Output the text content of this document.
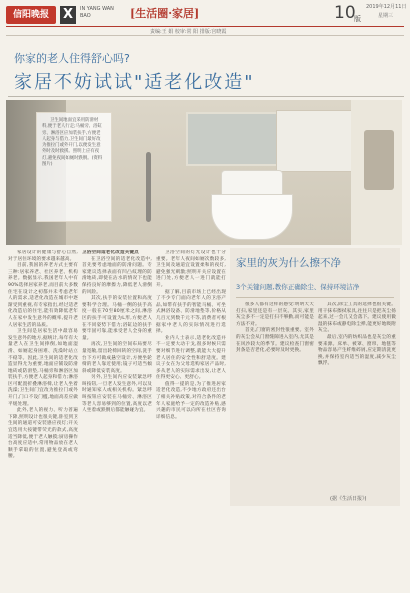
信阳晚报	X	IN YANG WAN BAO	[生活圈·家居]	10
版
2019年12月11日
星期三
责编:王 娟 校审:常 阳 排版:宫晓霞
你家的老人住得舒心吗?
家居不妨试试"适老化改造"
卫生间地面宜采用防滑材料,便于老人行走;马桶旁、浴缸旁、淋浴区应加装扶手,方便老人起身与借力,卫生间门最好改为推拉门或外开门,以便发生意外时及时救援。照明上应有夜灯,避免夜间如厕时跌倒。(资料图片)

家居设计的健康与舒心自然,对于居住环境的要求越来越高。

目前,我国的养老方式主要有三种:居家养老、社区养老、机构养老。数据显示,我国老年人中有90%选择居家养老,而目前大多数住宅在设计之初都并未考虑老年人的需求,适老化改造在城市中逐渐受到重视,有专家指出,经过适老化改造后的住宅,能有效降低老年人在家中发生意外的概率,提升老人居家生活的品质。

卫生间是居家生活中最容易发生意外的地方,据统计,每年有大量老人在卫生间摔倒,如地面湿滑、如厕起身困难、洗澡时站立不稳等。因此,卫生间的适老化改造显得尤为重要,地面应铺设防滑地砖或防滑垫,马桶旁和淋浴区加装扶手,方便老人起身和借力;淋浴区可配置折叠淋浴椅,让老人坐着洗澡;卫生间门宜改为推拉门或外开门,门口不设门槛,地面高差应做平缓处理。

此外,老人的视力、听力普遍下降,照明设计也很关键,卧室到卫生间的通道可安装感应夜灯;开关宜选用大按键带荧光的款式,高度适当降低,便于老人触摸;厨房操作台高度应适中,常用物品放在老人顺手拿取的位置,避免登高或弯腰。

卫浴空间适老化改造关键点

在卫浴空间的适老化改造中,首先要考虑地面的防滑问题。专家建议选择表面有凹凸纹理的防滑地砖,即使在沾水的情况下也能保持良好的摩擦力,降低老人滑倒的风险。

其次,扶手的安装位置和高度要科学合理。马桶一侧的扶手高度一般在70至80厘米之间,淋浴区的扶手可设置为L形,方便老人在不同姿势下借力;浴缸边的扶手要牢固可靠,能承受老人全身的重量。

再次,卫生间的空间布局要尽量宽敞,留出轮椅回转的空间,洗手台下方可做成悬空设计,方便坐轮椅的老人靠近使用;镜子可适当倾斜或降低安装高度。

另外,卫生间内应安装紧急呼叫按钮,一旦老人发生意外,可以及时通知家人或相关机构。紧急呼叫按钮应安装在马桶旁、淋浴区等老人容易够到的位置,高度以老人坐着或跌倒后都能触碰为宜。

卫浴空间的灯光设计也十分重要。老年人夜间如厕次数较多,卫生间及通道宜设置柔和的夜灯,避免强光刺激;照明开关应设置在进门处,方便老人一进门就能打开。

据了解,目前市场上已经出现了不少专门面向老年人的卫浴产品,如带有扶手的智能马桶、可坐式淋浴设备、防滑地垫等,价格从几百元到数千元不等,消费者可根据家中老人的实际情况进行选择。

业内人士表示,适老化改造并不一定要大动干戈,很多时候只需要对细节进行调整,就能大大提升老人居住的安全性和舒适度。建议子女在为父母选购家居产品时,多从老人的实际需求出发,让老人住得更安心、更舒心。

值得一提的是,为了推进居家适老化改造,不少地方政府还出台了相关补贴政策,对符合条件的老年人家庭给予一定的改造补贴,感兴趣的市民可以向所在社区咨询详细信息。

家里的灰为什么擦不净
3个关键问题,教你正确除尘、保持环境洁净

很多人都有这样的感受:明明天天打扫,家里还是有一层灰。其实,家里灰尘多不一定是打扫不够勤,而可能是方法不对。

首先,门窗的密封性很重要。室外的灰尘会从门窗缝隙进入室内,尤其是在风沙较大的季节。建议检查门窗密封条是否老化,必要时及时更换。

其次,除尘工具的选择也很关键。用干抹布擦拭家具,往往只是把灰尘扬起来,过一会儿又会落下。建议使用微湿的抹布或静电除尘掸,能更好地吸附灰尘。

最后,室内的纺织品也是灰尘的重要来源。床单、被罩、窗帘、地毯等物品容易产生纤维碎屑,应定期清洗更换,并保持室内适当的湿度,减少灰尘飘浮。

(据《生活日报》)
